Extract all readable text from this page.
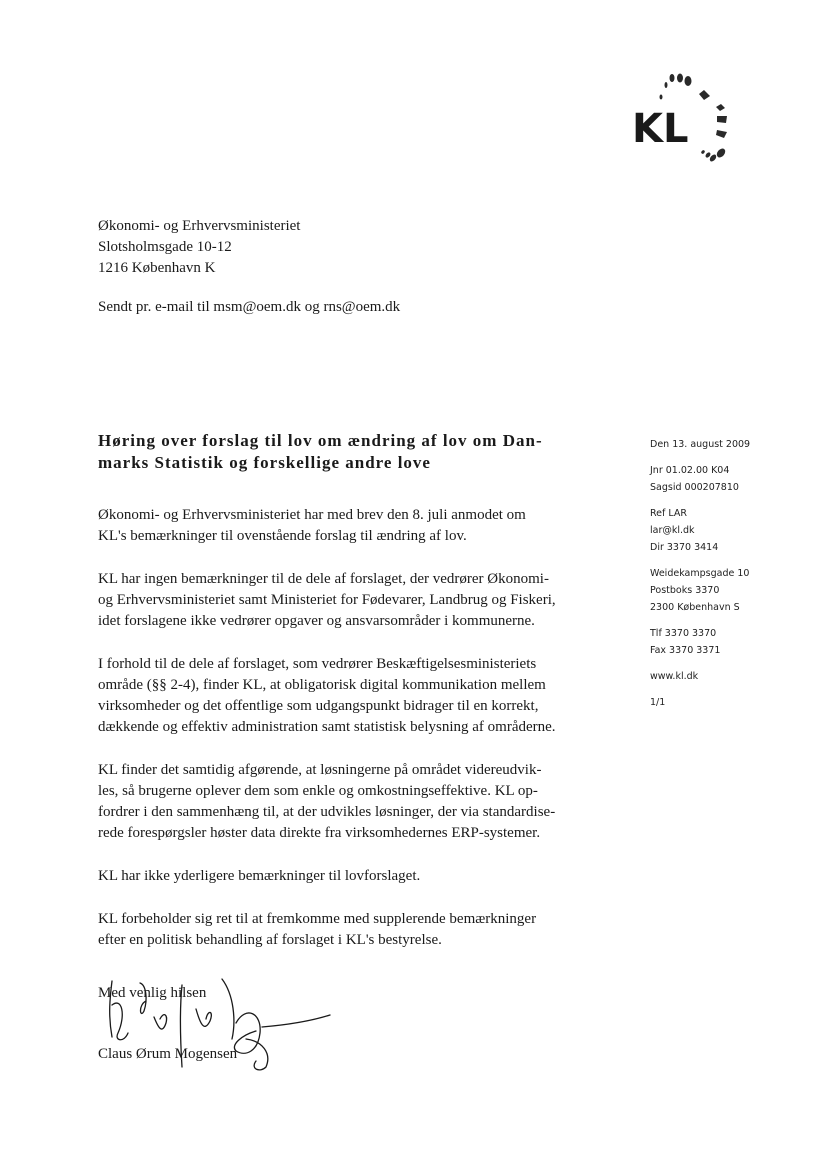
KL
Økonomi- og Erhvervsministeriet
Slotsholmsgade 10-12
1216 København K
Sendt pr. e-mail til msm@oem.dk og rns@oem.dk
Høring over forslag til lov om ændring af lov om Dan-
marks Statistik og forskellige andre love
Økonomi- og Erhvervsministeriet har med brev den 8. juli anmodet om
KL's bemærkninger til ovenstående forslag til ændring af lov.
KL har ingen bemærkninger til de dele af forslaget, der vedrører Økonomi-
og Erhvervsministeriet samt Ministeriet for Fødevarer, Landbrug og Fiskeri,
idet forslagene ikke vedrører opgaver og ansvarsområder i kommunerne.
I forhold til de dele af forslaget, som vedrører Beskæftigelsesministeriets
område (§§ 2-4), finder KL, at obligatorisk digital kommunikation mellem
virksomheder og det offentlige som udgangspunkt bidrager til en korrekt,
dækkende og effektiv administration samt statistisk belysning af områderne.
KL finder det samtidig afgørende, at løsningerne på området videreudvik-
les, så brugerne oplever dem som enkle og omkostningseffektive. KL op-
fordrer i den sammenhæng til, at der udvikles løsninger, der via standardise-
rede forespørgsler høster data direkte fra virksomhedernes ERP-systemer.
KL har ikke yderligere bemærkninger til lovforslaget.
KL forbeholder sig ret til at fremkomme med supplerende bemærkninger
efter en politisk behandling af forslaget i KL's bestyrelse.
Den 13. august 2009
Jnr 01.02.00 K04
Sagsid 000207810
Ref LAR
lar@kl.dk
Dir 3370 3414
Weidekampsgade 10
Postboks 3370
2300 København S
Tlf 3370 3370
Fax 3370 3371
www.kl.dk
1/1
Med venlig hilsen
Claus Ørum Mogensen
